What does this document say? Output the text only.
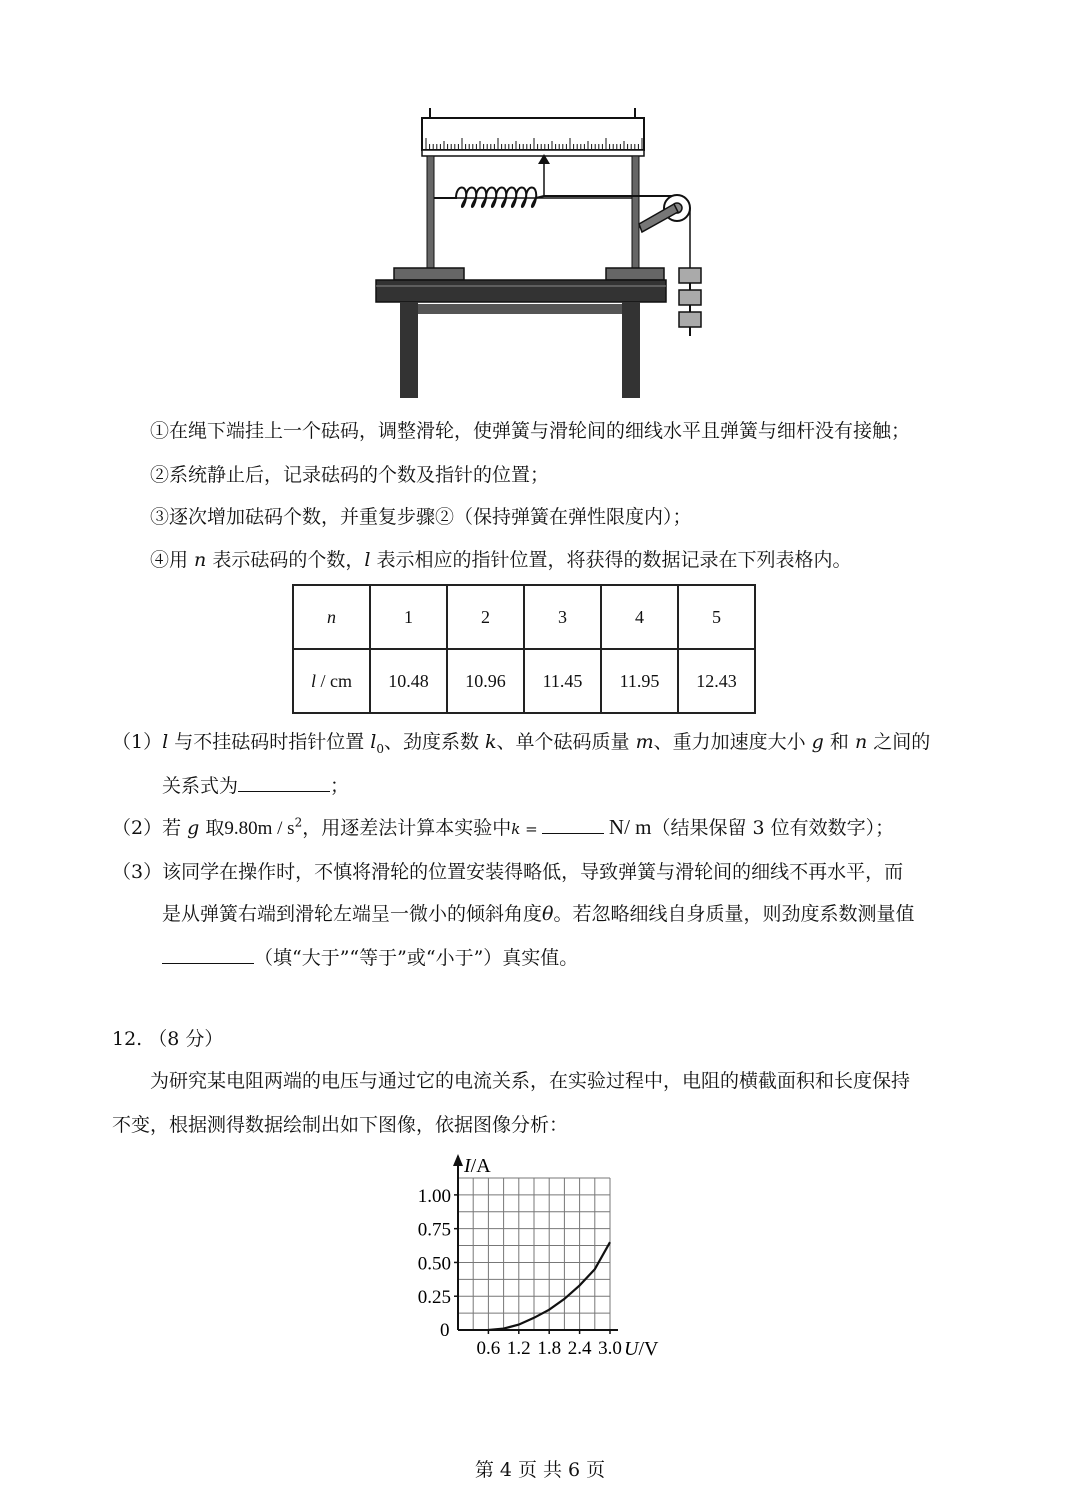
①在绳下端挂上一个砝码，调整滑轮，使弹簧与滑轮间的细线水平且弹簧与细杆没有接触；
②系统静止后，记录砝码的个数及指针的位置；
③逐次增加砝码个数，并重复步骤②（保持弹簧在弹性限度内）；
④用 n 表示砝码的个数，l 表示相应的指针位置，将获得的数据记录在下列表格内。
n	1	2	3	4	5
l / cm	10.48	10.96	11.45	11.95	12.43
（1）l 与不挂砝码时指针位置 $l_0$、劲度系数 k、单个砝码质量 m、重力加速度大小 g 和 n 之间的
关系式为	；
（2）若 g 取$9.80m / s^2$，用逐差法计算本实验中k =	N/ m（结果保留 3 位有效数字）；
（3）该同学在操作时，不慎将滑轮的位置安装得略低，导致弹簧与滑轮间的细线不再水平，而
是从弹簧右端到滑轮左端呈一微小的倾斜角度θ。若忽略细线自身质量，则劲度系数测量值
（填“大于”“等于”或“小于”）真实值。
12. （8 分）
为研究某电阻两端的电压与通过它的电流关系，在实验过程中，电阻的横截面积和长度保持
不变，根据测得数据绘制出如下图像，依据图像分析：
I/A
U/V
0
1.00
0.75
0.50
0.25
0.6 1.2 1.8 2.4 3.0
第 4 页 共 6 页
